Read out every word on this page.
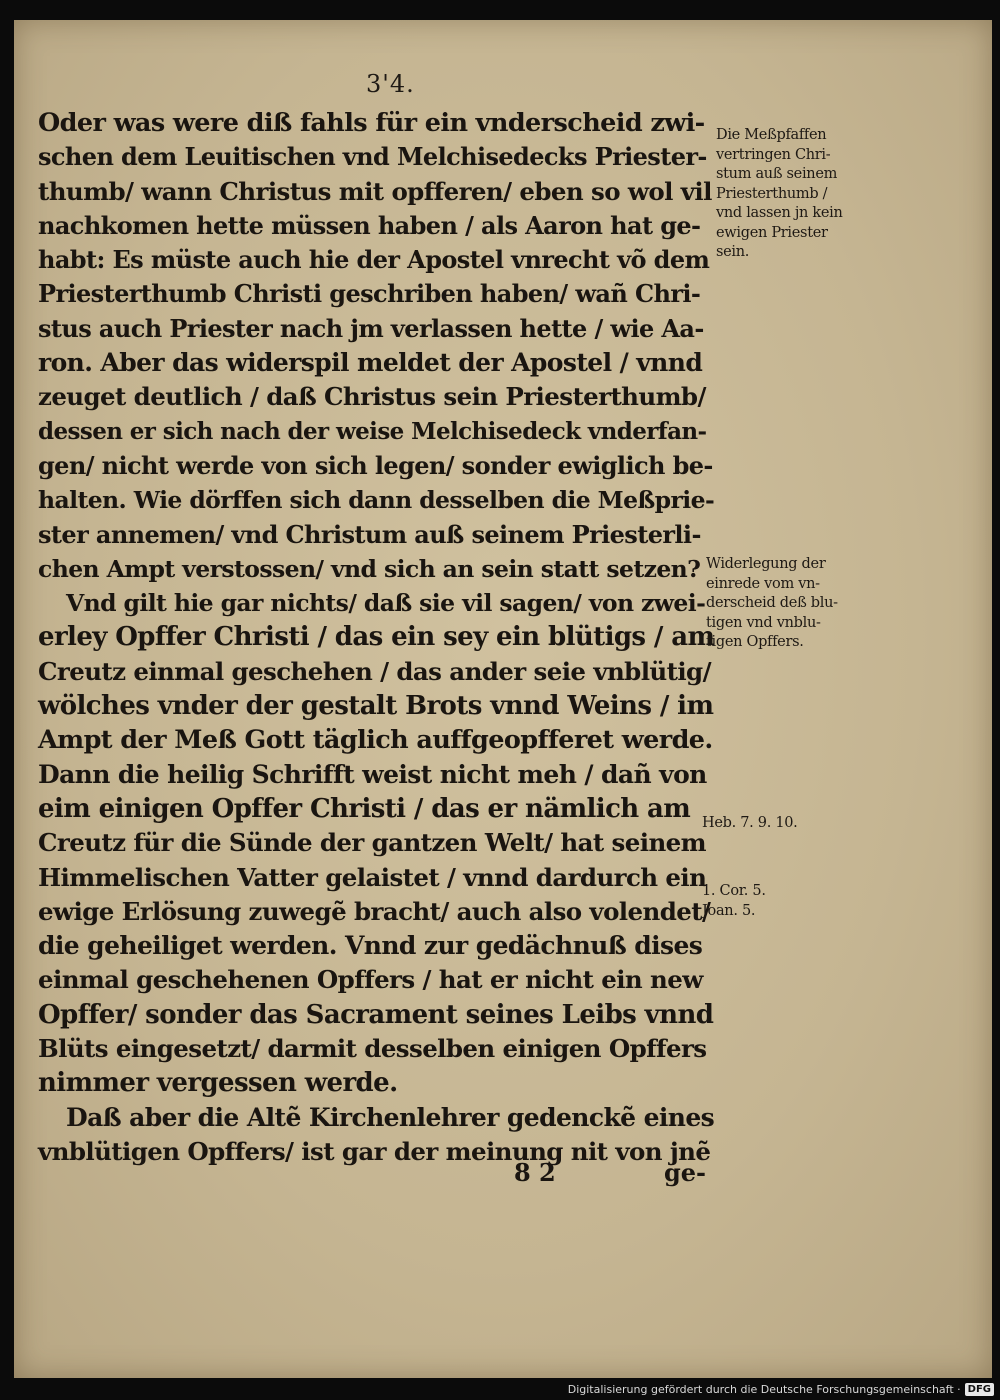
3'4.
Oder was were diß fahls für ein vnderscheid zwi-
schen dem Leuitischen vnd Melchisedecks Priester-
thumb/ wann Christus mit opfferen/ eben so wol vil
nachkomen hette müssen haben / als Aaron hat ge-
habt: Es müste auch hie der Apostel vnrecht võ dem
Priesterthumb Christi geschriben haben/ wañ Chri-
stus auch Priester nach jm verlassen hette / wie Aa-
ron. Aber das widerspil meldet der Apostel / vnnd
zeuget deutlich / daß Christus sein Priesterthumb/
dessen er sich nach der weise Melchisedeck vnderfan-
gen/ nicht werde von sich legen/ sonder ewiglich be-
halten. Wie dörffen sich dann desselben die Meßprie-
ster annemen/ vnd Christum auß seinem Priesterli-
chen Ampt verstossen/ vnd sich an sein statt setzen?
Vnd gilt hie gar nichts/ daß sie vil sagen/ von zwei-
erley Opffer Christi / das ein sey ein blütigs / am
Creutz einmal geschehen / das ander seie vnblütig/
wölches vnder der gestalt Brots vnnd Weins / im
Ampt der Meß Gott täglich auffgeopfferet werde.
Dann die heilig Schrifft weist nicht meh / dañ von
eim einigen Opffer Christi / das er nämlich am
Creutz für die Sünde der gantzen Welt/ hat seinem
Himmelischen Vatter gelaistet / vnnd dardurch ein
ewige Erlösung zuwegẽ bracht/ auch also volendet/
die geheiliget werden. Vnnd zur gedächnuß dises
einmal geschehenen Opffers / hat er nicht ein new
Opffer/ sonder das Sacrament seines Leibs vnnd
Blüts eingesetzt/ darmit desselben einigen Opffers
nimmer vergessen werde.
Daß aber die Altẽ Kirchenlehrer gedenckẽ eines
vnblütigen Opffers/ ist gar der meinung nit von jnẽ
8 2	ge-
Die Meßpfaffen
vertringen Chri-
stum auß seinem
Priesterthumb /
vnd lassen jn kein
ewigen Priester
sein.
Widerlegung der
einrede vom vn-
derscheid deß blu-
tigen vnd vnblu-
tigen Opffers.
Heb. 7. 9. 10.
1. Cor. 5.
Joan. 5.
Digitalisierung gefördert durch die Deutsche Forschungsgemeinschaft · DFG
